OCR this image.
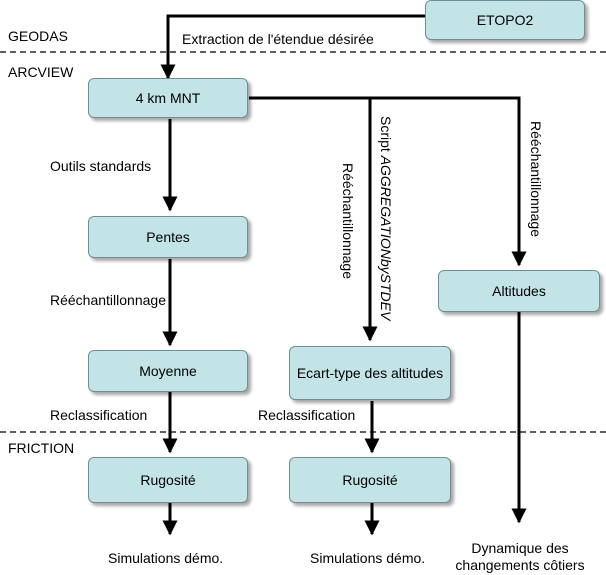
GEODAS
ARCVIEW
FRICTION
ETOPO2
4 km MNT
Pentes
Moyenne	Ecart-type des altitudes
Altitudes
Rugosité	Rugosité
Extraction de l'étendue désirée
Outils standards
Rééchantillonnage
Reclassification	Reclassification
Script AGGREGATIONbySTDEV
Rééchantillonnage	Rééchantillonnage
Simulations démo.	Simulations démo.
Dynamique des changements côtiers
